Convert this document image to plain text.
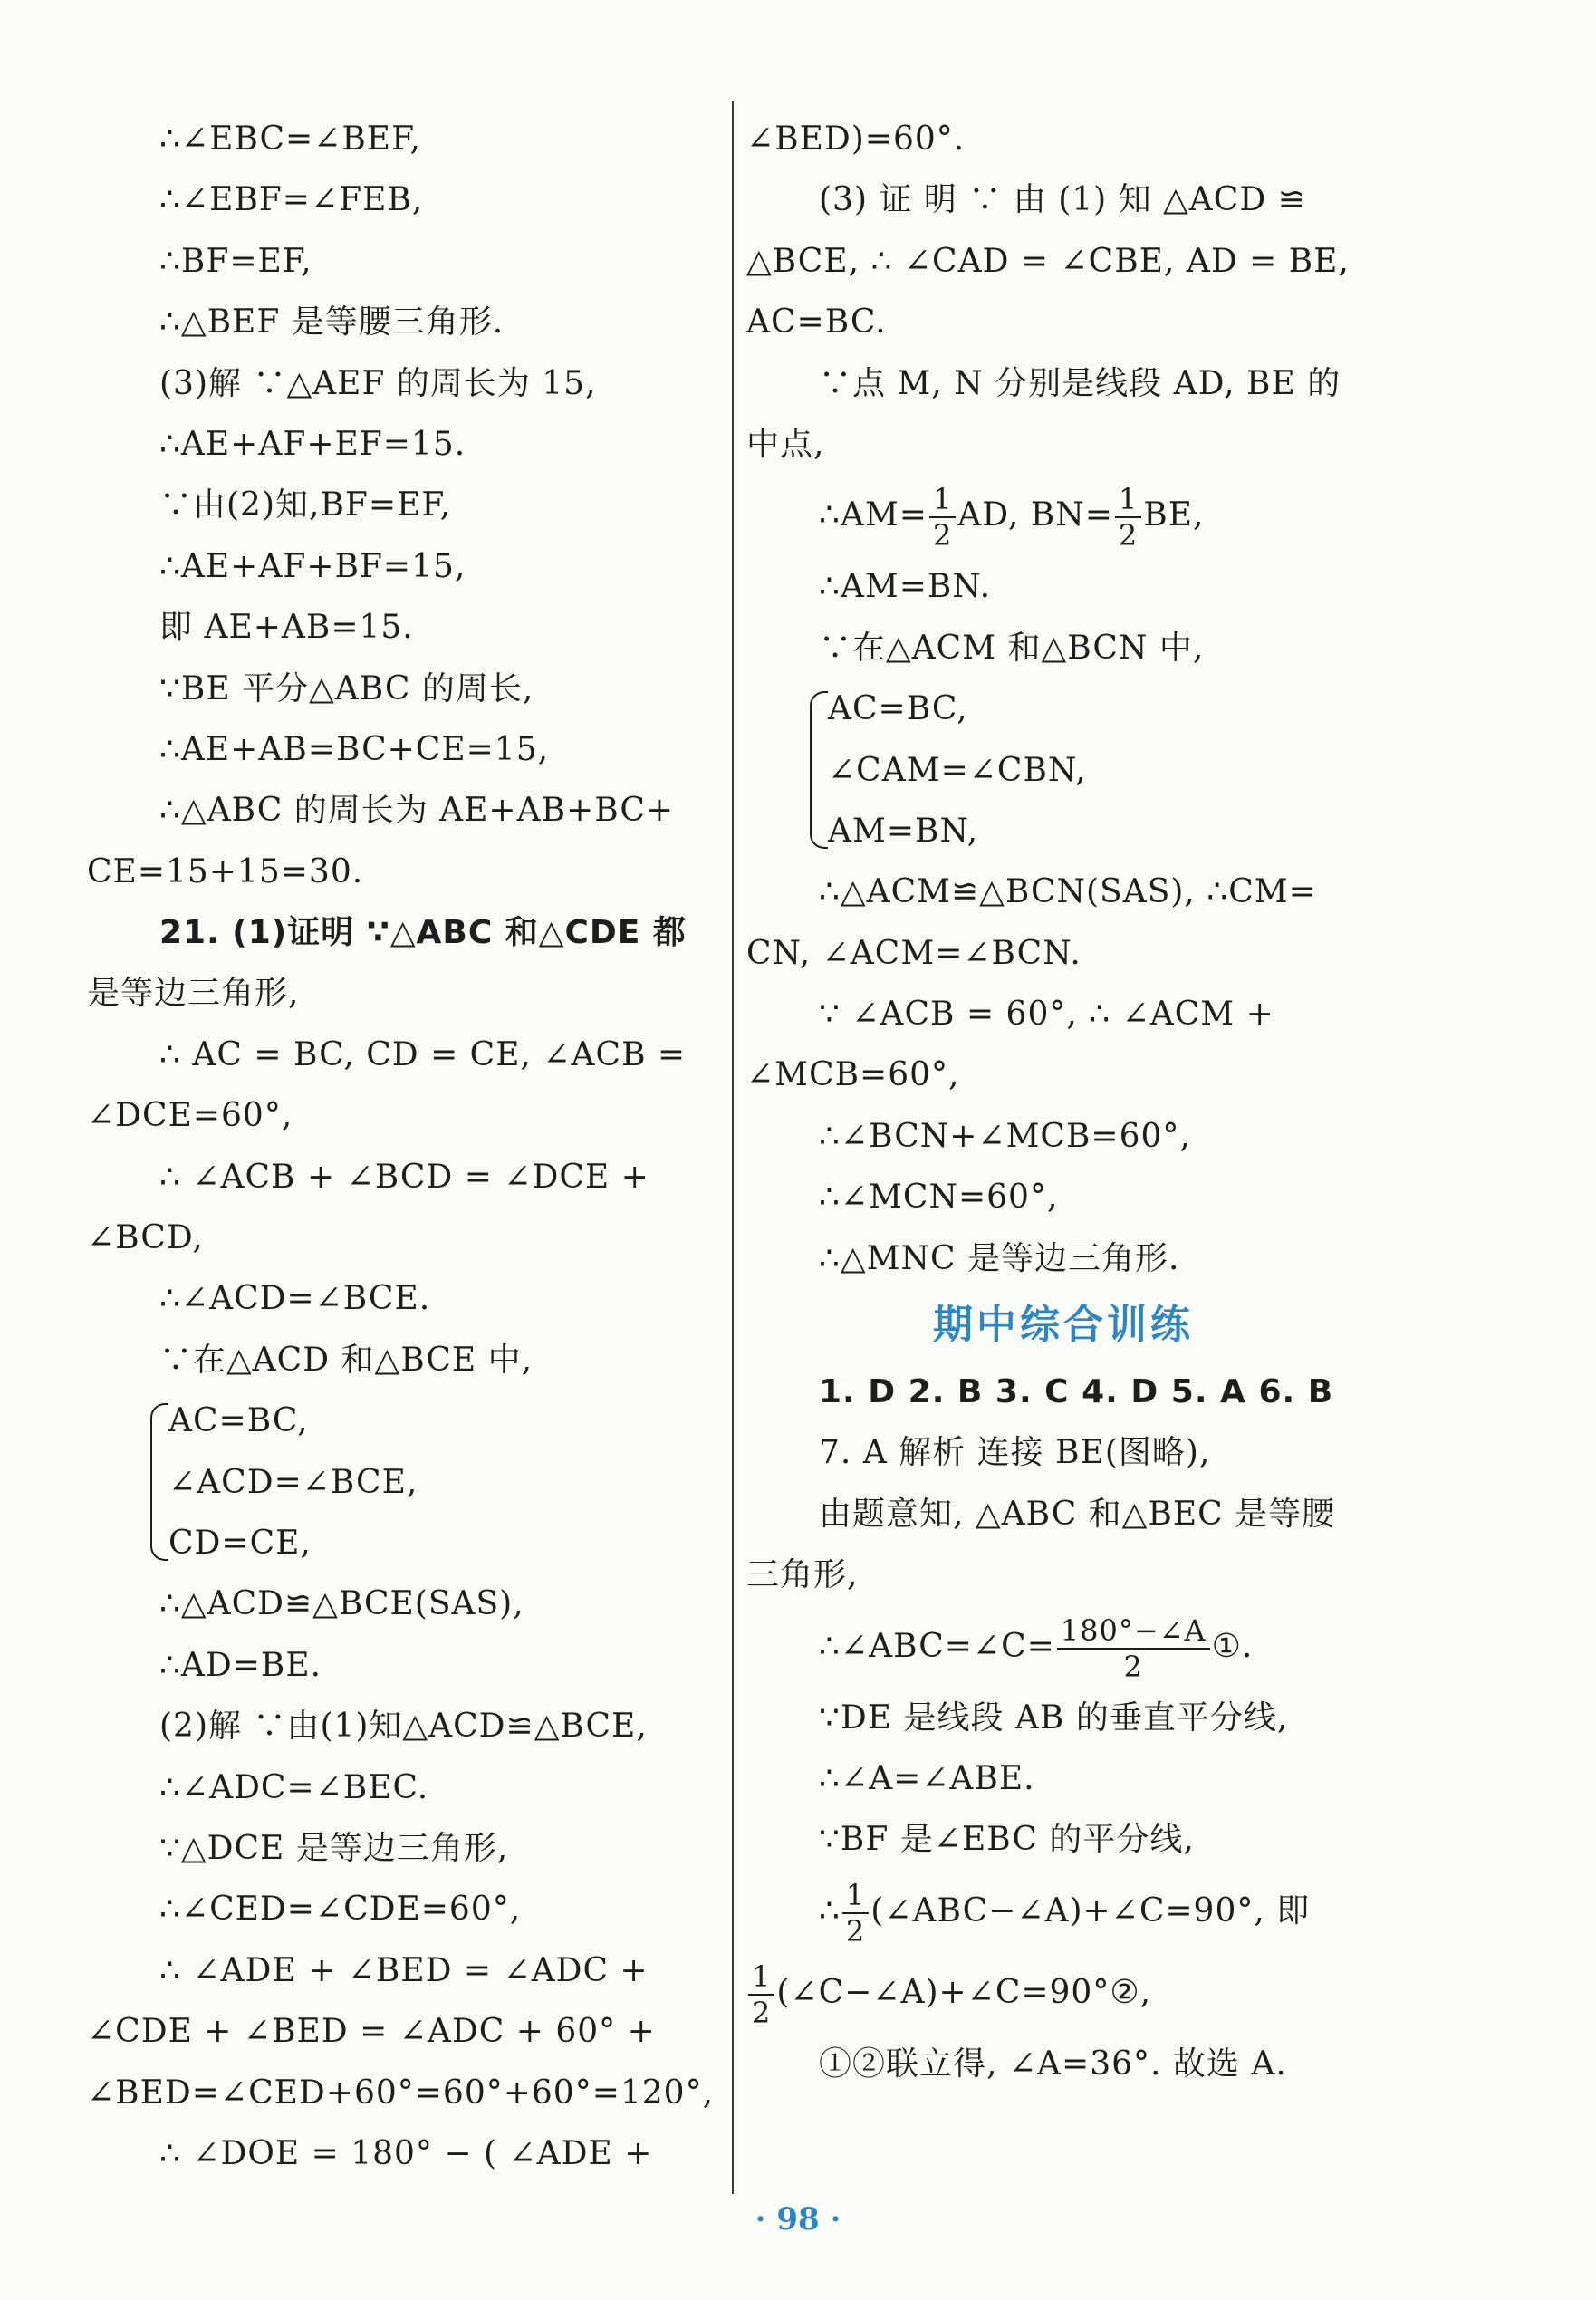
∴∠EBC=∠BEF,
∴∠EBF=∠FEB,
∴BF=EF,
∴△BEF 是等腰三角形.
(3)解 ∵△AEF 的周长为 15,
∴AE+AF+EF=15.
∵由(2)知,BF=EF,
∴AE+AF+BF=15,
即 AE+AB=15.
∵BE 平分△ABC 的周长,
∴AE+AB=BC+CE=15,
∴△ABC 的周长为 AE+AB+BC+
CE=15+15=30.
21. (1)证明 ∵△ABC 和△CDE 都
是等边三角形,
∴ AC = BC, CD = CE, ∠ACB =
∠DCE=60°,
∴ ∠ACB + ∠BCD = ∠DCE +
∠BCD,
∴∠ACD=∠BCE.
∵在△ACD 和△BCE 中,
AC=BC,
∠ACD=∠BCE,
CD=CE,
∴△ACD≌△BCE(SAS),
∴AD=BE.
(2)解 ∵由(1)知△ACD≌△BCE,
∴∠ADC=∠BEC.
∵△DCE 是等边三角形,
∴∠CED=∠CDE=60°,
∴ ∠ADE + ∠BED = ∠ADC +
∠CDE + ∠BED = ∠ADC + 60° +
∠BED=∠CED+60°=60°+60°=120°,
∴ ∠DOE = 180° − ( ∠ADE +
∠BED)=60°.
(3) 证 明 ∵ 由 (1) 知 △ACD ≌
△BCE, ∴ ∠CAD = ∠CBE, AD = BE,
AC=BC.
∵点 M, N 分别是线段 AD, BE 的
中点,
∴AM= $\frac{1}{2}$ AD, $BN= \frac{1}{2}$ BE,
∴AM=BN.
∵在△ACM 和△BCN 中,
AC=BC,
∠CAM=∠CBN,
AM=BN,
∴△ACM≌△BCN(SAS), ∴CM=
CN, ∠ACM=∠BCN.
∵ ∠ACB = 60°, ∴ ∠ACM +
∠MCB=60°,
∴∠BCN+∠MCB=60°,
∴∠MCN=60°,
∴△MNC 是等边三角形.
期中综合训练
1. D 2. B 3. C 4. D 5. A 6. B
7. A 解析 连接 BE(图略),
由题意知, △ABC 和△BEC 是等腰
三角形,
∴∠ABC=∠C= $\frac{180^\circ-\angle A}{2}$ ①.
∵DE 是线段 AB 的垂直平分线,
∴∠A=∠ABE.
∵BF 是∠EBC 的平分线,
∴ $\frac{1}{2}$ (∠ABC−∠A)+∠C=90°, 即
$\frac{1}{2}$ (∠C−∠A)+∠C=90°②,
①②联立得, ∠A=36°. 故选 A.
· 98 ·
